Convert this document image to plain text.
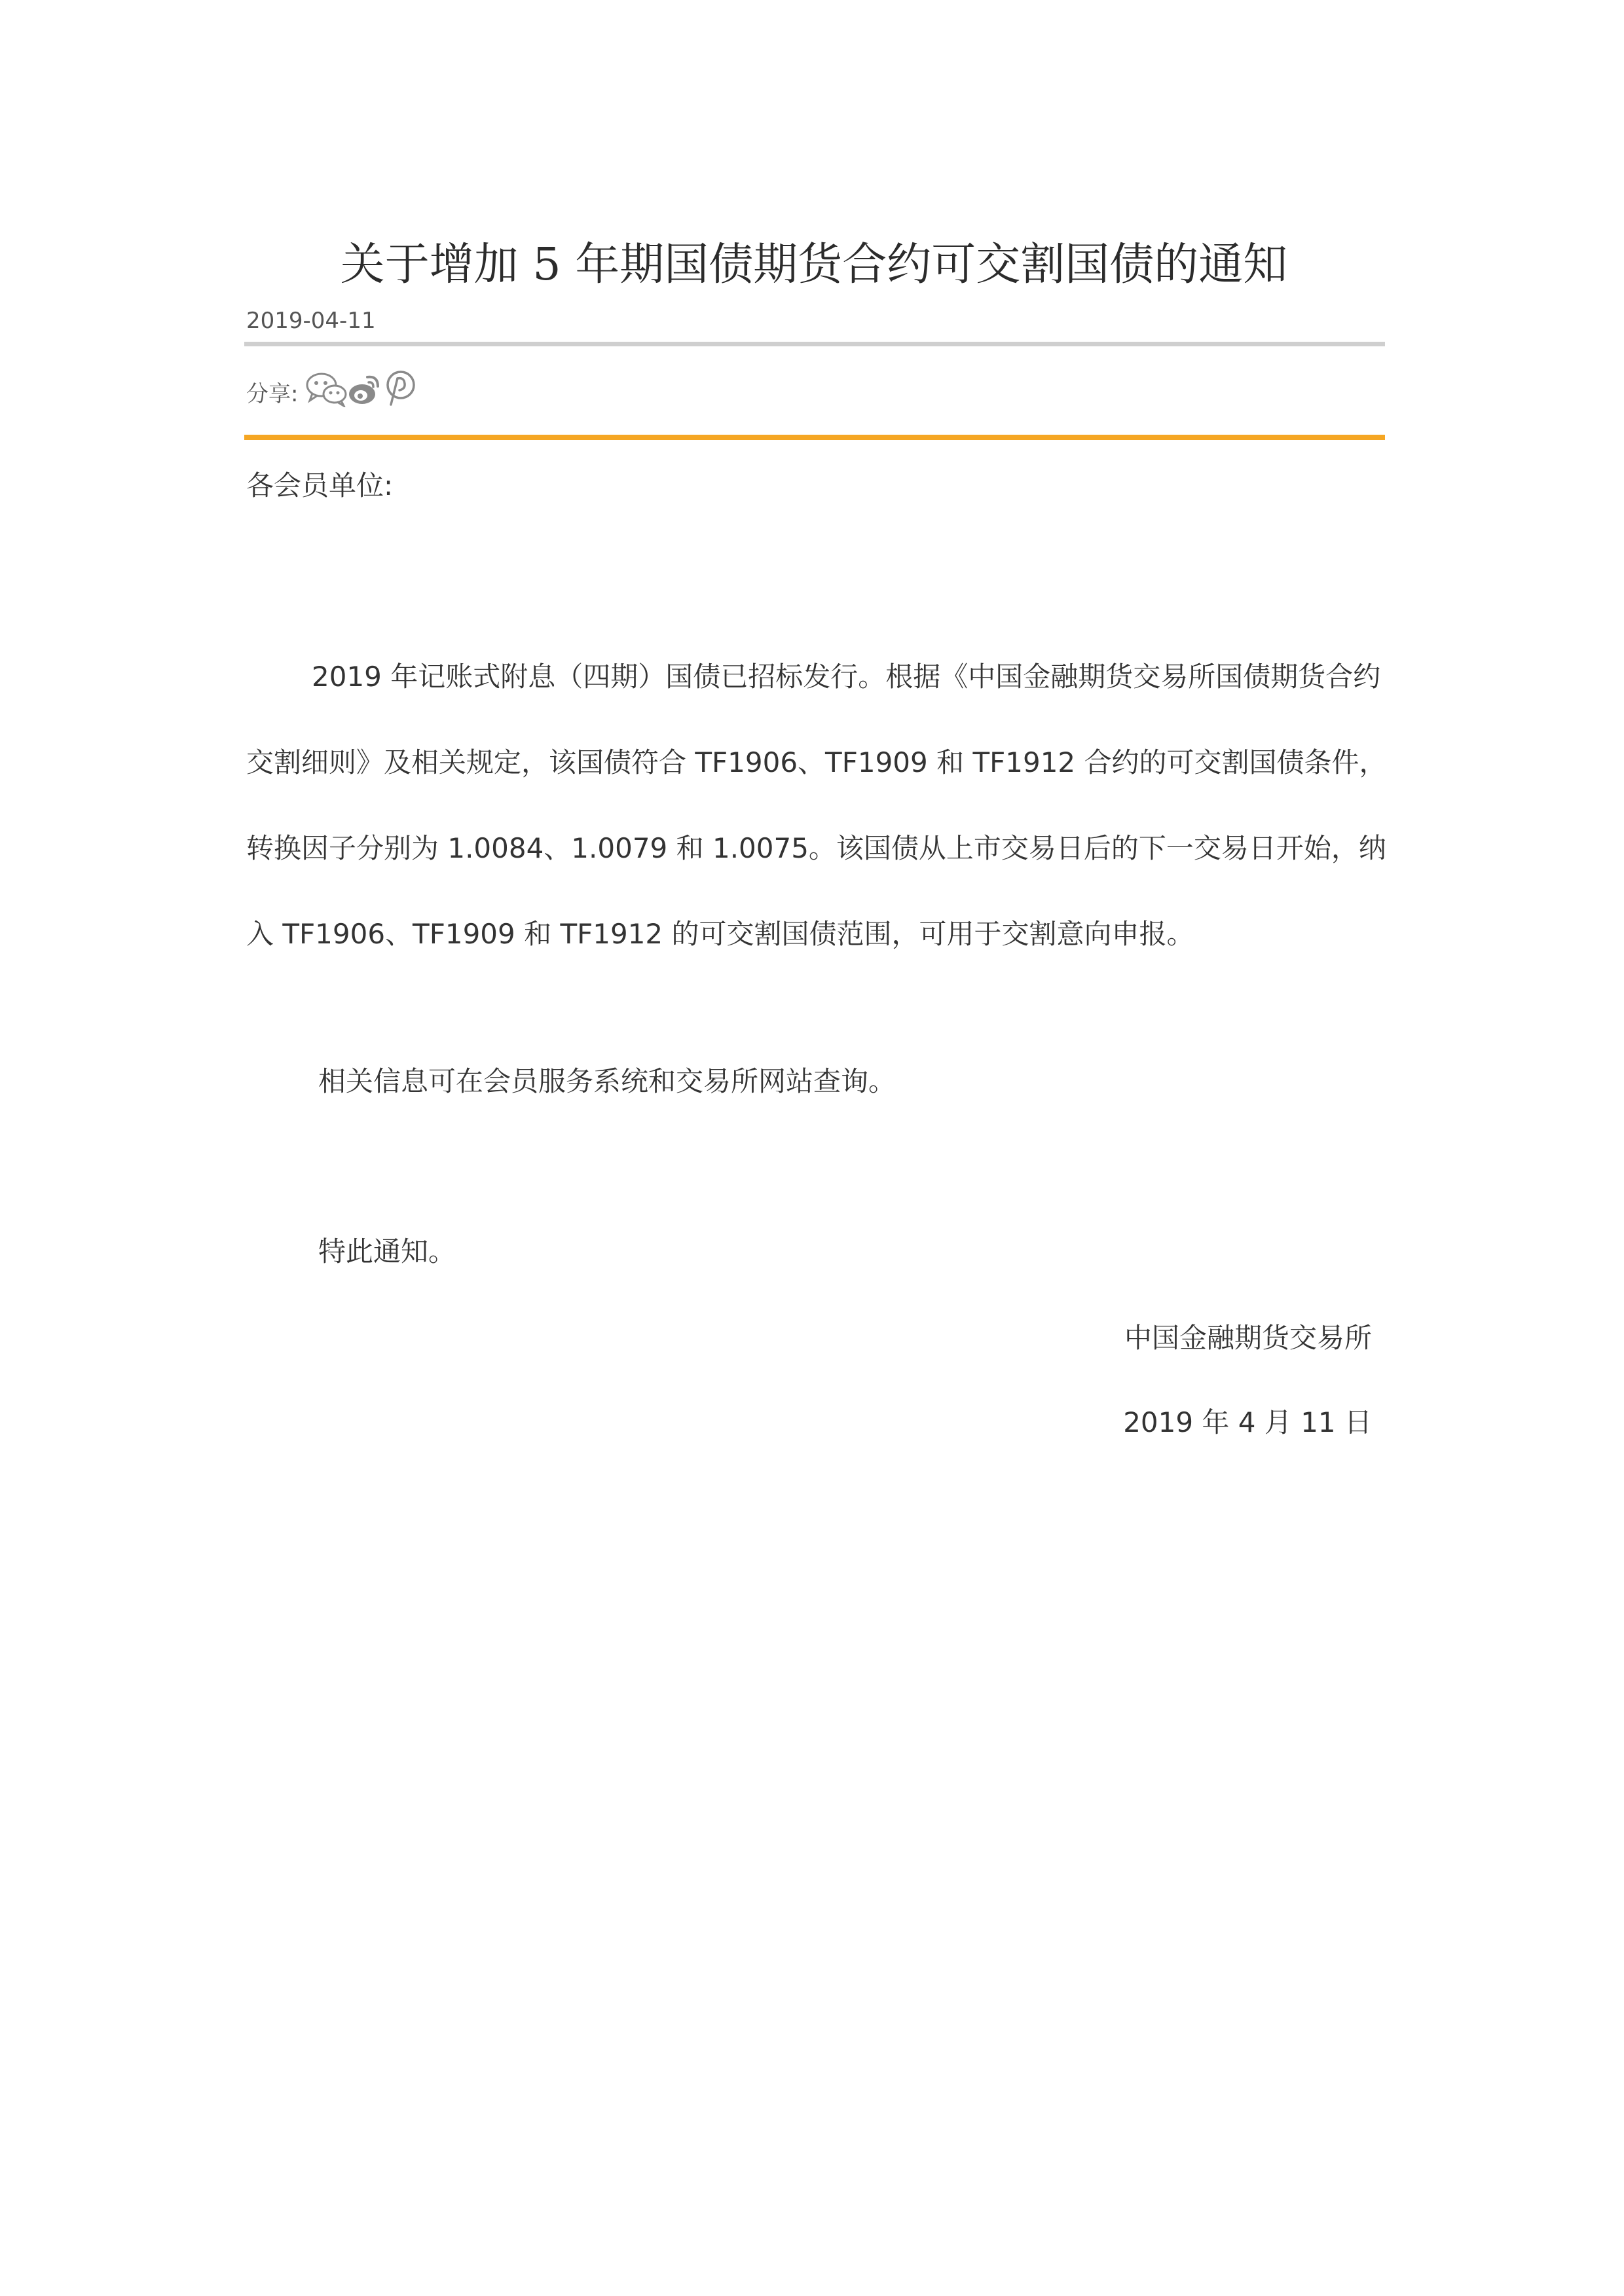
关于增加 5 年期国债期货合约可交割国债的通知
2019-04-11
分享:

各会员单位:

2019 年记账式附息（四期）国债已招标发行。根据《中国金融期货交易所国债期货合约交割细则》及相关规定，该国债符合 TF1906、TF1909 和 TF1912 合约的可交割国债条件，转换因子分别为 1.0084、1.0079 和 1.0075。该国债从上市交易日后的下一交易日开始，纳入 TF1906、TF1909 和 TF1912 的可交割国债范围，可用于交割意向申报。

相关信息可在会员服务系统和交易所网站查询。

特此通知。

中国金融期货交易所
2019 年 4 月 11 日
